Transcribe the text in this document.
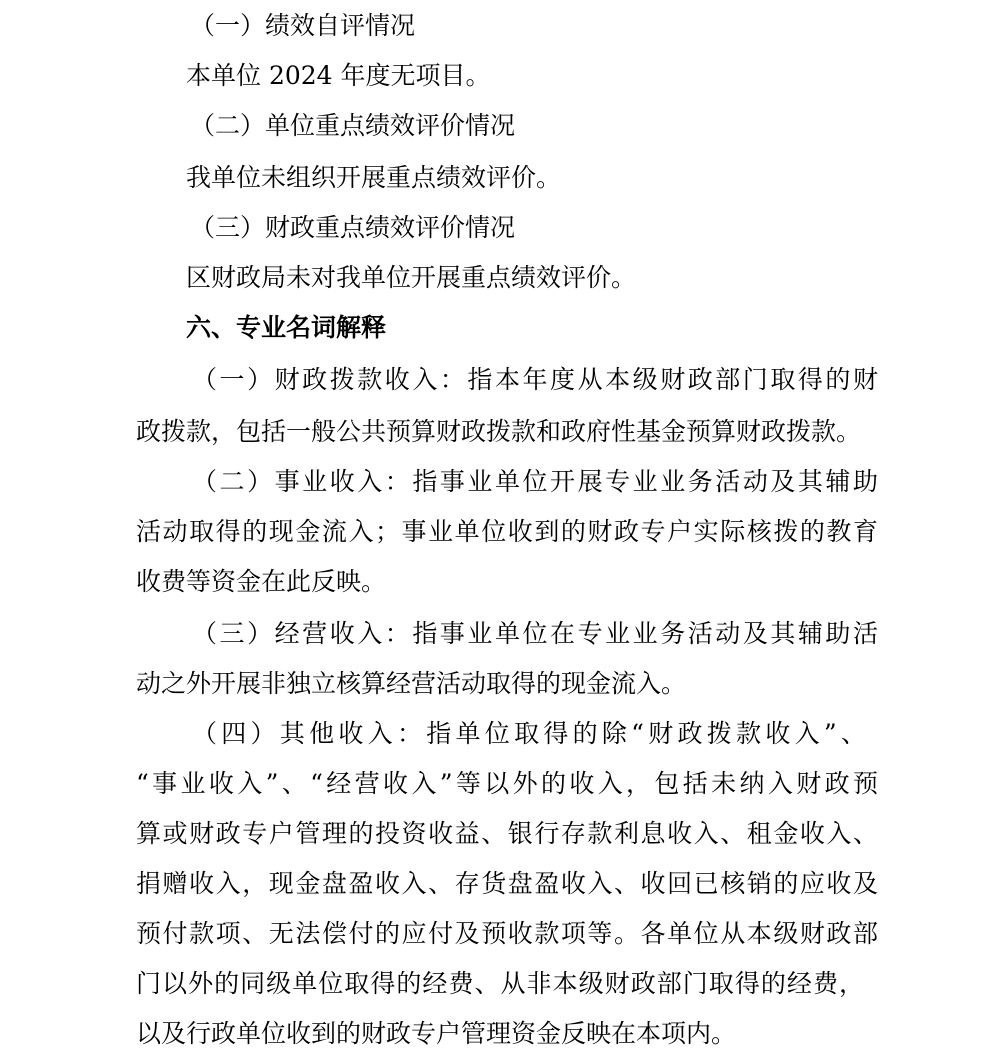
（一）绩效自评情况
本单位 2024 年度无项目。
（二）单位重点绩效评价情况
我单位未组织开展重点绩效评价。
（三）财政重点绩效评价情况
区财政局未对我单位开展重点绩效评价。
六、专业名词解释
（一）财政拨款收入：指本年度从本级财政部门取得的财
政拨款，包括一般公共预算财政拨款和政府性基金预算财政拨款。
（二）事业收入：指事业单位开展专业业务活动及其辅助
活动取得的现金流入；事业单位收到的财政专户实际核拨的教育
收费等资金在此反映。
（三）经营收入：指事业单位在专业业务活动及其辅助活
动之外开展非独立核算经营活动取得的现金流入。
（四）其他收入：指单位取得的除“财政拨款收入”、
“事业收入”、“经营收入”等以外的收入，包括未纳入财政预
算或财政专户管理的投资收益、银行存款利息收入、租金收入、
捐赠收入，现金盘盈收入、存货盘盈收入、收回已核销的应收及
预付款项、无法偿付的应付及预收款项等。各单位从本级财政部
门以外的同级单位取得的经费、从非本级财政部门取得的经费，
以及行政单位收到的财政专户管理资金反映在本项内。
